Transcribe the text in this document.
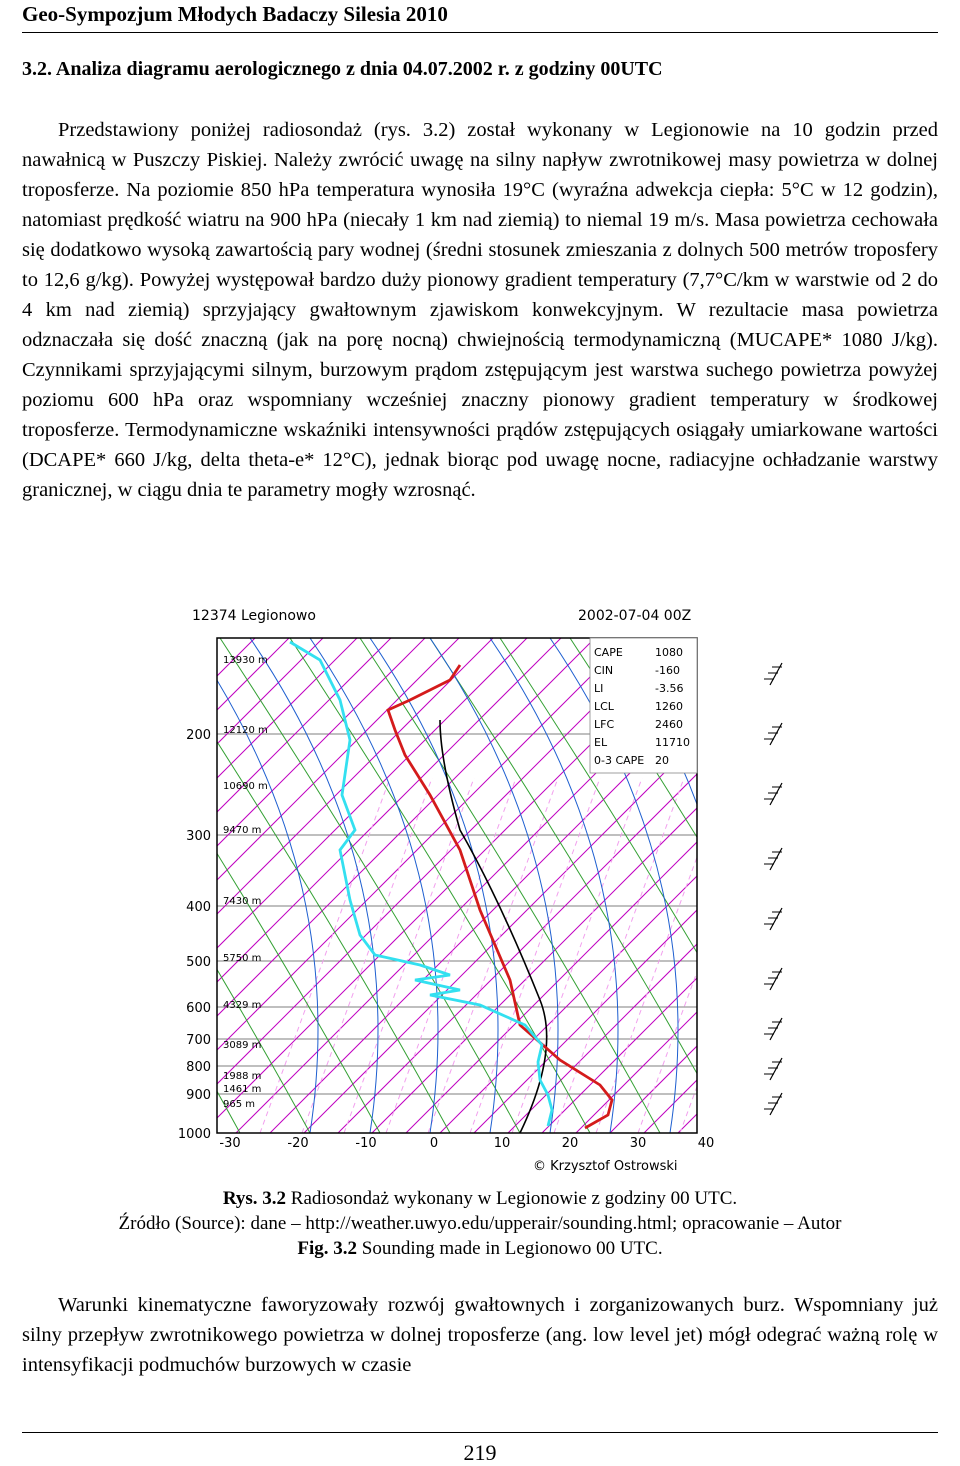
Geo-Sympozjum Młodych Badaczy Silesia 2010
3.2. Analiza diagramu aerologicznego z dnia 04.07.2002 r. z godziny 00UTC
Przedstawiony poniżej radiosondaż (rys. 3.2) został wykonany w Legionowie na 10 godzin przed nawałnicą w Puszczy Piskiej. Należy zwrócić uwagę na silny napływ zwrotnikowej masy powietrza w dolnej troposferze. Na poziomie 850 hPa temperatura wynosiła 19°C (wyraźna adwekcja ciepła: 5°C w 12 godzin), natomiast prędkość wiatru na 900 hPa (niecały 1 km nad ziemią) to niemal 19 m/s. Masa powietrza cechowała się dodatkowo wysoką zawartością pary wodnej (średni stosunek zmieszania z dolnych 500 metrów troposfery to 12,6 g/kg). Powyżej występował bardzo duży pionowy gradient temperatury (7,7°C/km w warstwie od 2 do 4 km nad ziemią) sprzyjający gwałtownym zjawiskom konwekcyjnym. W rezultacie masa powietrza odznaczała się dość znaczną (jak na porę nocną) chwiejnością termodynamiczną (MUCAPE* 1080 J/kg). Czynnikami sprzyjającymi silnym, burzowym prądom zstępującym jest warstwa suchego powietrza powyżej poziomu 600 hPa oraz wspomniany wcześniej znaczny pionowy gradient temperatury w środkowej troposferze. Termodynamiczne wskaźniki intensywności prądów zstępujących osiągały umiarkowane wartości (DCAPE* 660 J/kg, delta theta-e* 12°C), jednak biorąc pod uwagę nocne, radiacyjne ochładzanie warstwy granicznej, w ciągu dnia te parametry mogły wzrosnąć.
12374 Legionowo	2002-07-04 00Z
200
300
400
500
600
700
800
900
1000
13930 m
12120 m
10690 m
9470 m
7430 m
5750 m
4329 m
3089 m
1988 m
1461 m
965 m
-30	-20	-10	0	10	20	30	40
CAPE	1080
CIN	-160
LI	-3.56
LCL	1260
LFC	2460
EL	11710
0-3 CAPE 20
© Krzysztof Ostrowski
Rys. 3.2 Radiosondaż wykonany w Legionowie z godziny 00 UTC.
Źródło (Source): dane – http://weather.uwyo.edu/upperair/sounding.html; opracowanie – Autor
Fig. 3.2 Sounding made in Legionowo 00 UTC.
Warunki kinematyczne faworyzowały rozwój gwałtownych i zorganizowanych burz. Wspomniany już silny przepływ zwrotnikowego powietrza w dolnej troposferze (ang. low level jet) mógł odegrać ważną rolę w intensyfikacji podmuchów burzowych w czasie
219
